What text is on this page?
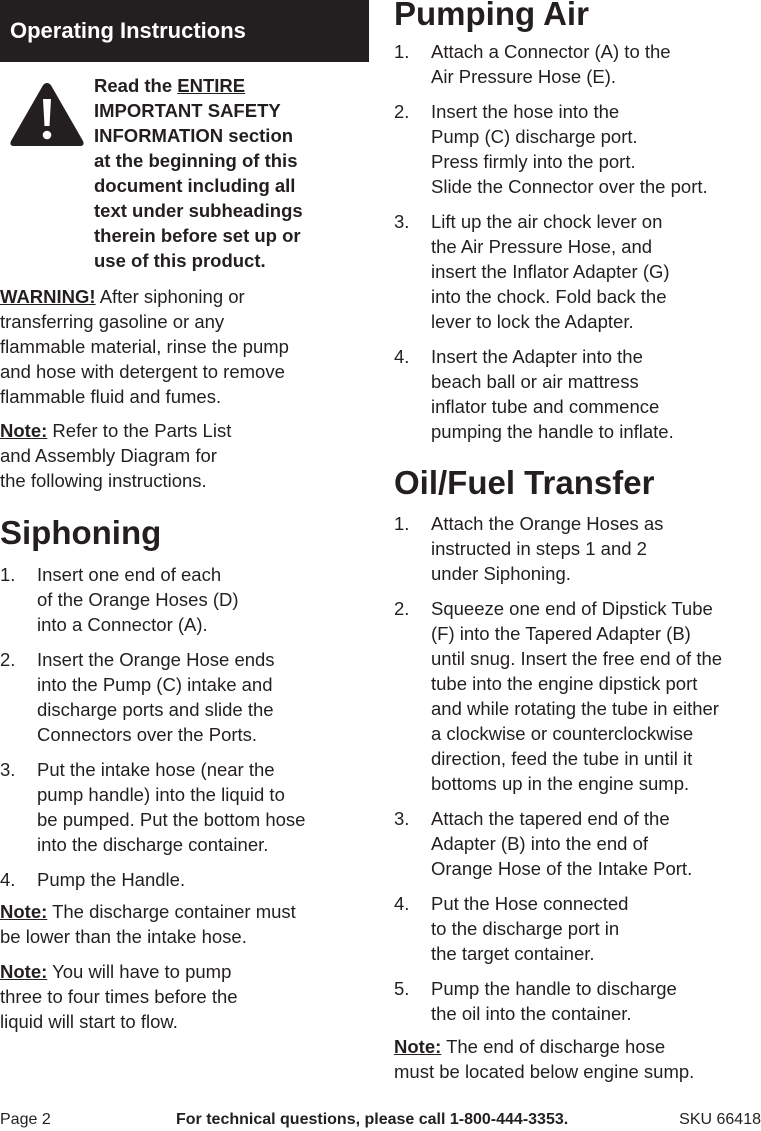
Operating Instructions

Read the ENTIRE
IMPORTANT SAFETY
INFORMATION section
at the beginning of this
document including all
text under subheadings
therein before set up or
use of this product.

WARNING! After siphoning or
transferring gasoline or any
flammable material, rinse the pump
and hose with detergent to remove
flammable fluid and fumes.

Note: Refer to the Parts List
and Assembly Diagram for
the following instructions.

Siphoning
1. Insert one end of each
of the Orange Hoses (D)
into a Connector (A).
2. Insert the Orange Hose ends
into the Pump (C) intake and
discharge ports and slide the
Connectors over the Ports.
3. Put the intake hose (near the
pump handle) into the liquid to
be pumped. Put the bottom hose
into the discharge container.
4. Pump the Handle.

Note: The discharge container must
be lower than the intake hose.

Note: You will have to pump
three to four times before the
liquid will start to flow.

Pumping Air
1. Attach a Connector (A) to the
Air Pressure Hose (E).
2. Insert the hose into the
Pump (C) discharge port.
Press firmly into the port.
Slide the Connector over the port.
3. Lift up the air chock lever on
the Air Pressure Hose, and
insert the Inflator Adapter (G)
into the chock. Fold back the
lever to lock the Adapter.
4. Insert the Adapter into the
beach ball or air mattress
inflator tube and commence
pumping the handle to inflate.
Oil/Fuel Transfer
1. Attach the Orange Hoses as
instructed in steps 1 and 2
under Siphoning.
2. Squeeze one end of Dipstick Tube
(F) into the Tapered Adapter (B)
until snug. Insert the free end of the
tube into the engine dipstick port
and while rotating the tube in either
a clockwise or counterclockwise
direction, feed the tube in until it
bottoms up in the engine sump.
3. Attach the tapered end of the
Adapter (B) into the end of
Orange Hose of the Intake Port.
4. Put the Hose connected
to the discharge port in
the target container.
5. Pump the handle to discharge
the oil into the container.

Note: The end of discharge hose
must be located below engine sump.

Page 2	For technical questions, please call 1-800-444-3353.	SKU 66418
